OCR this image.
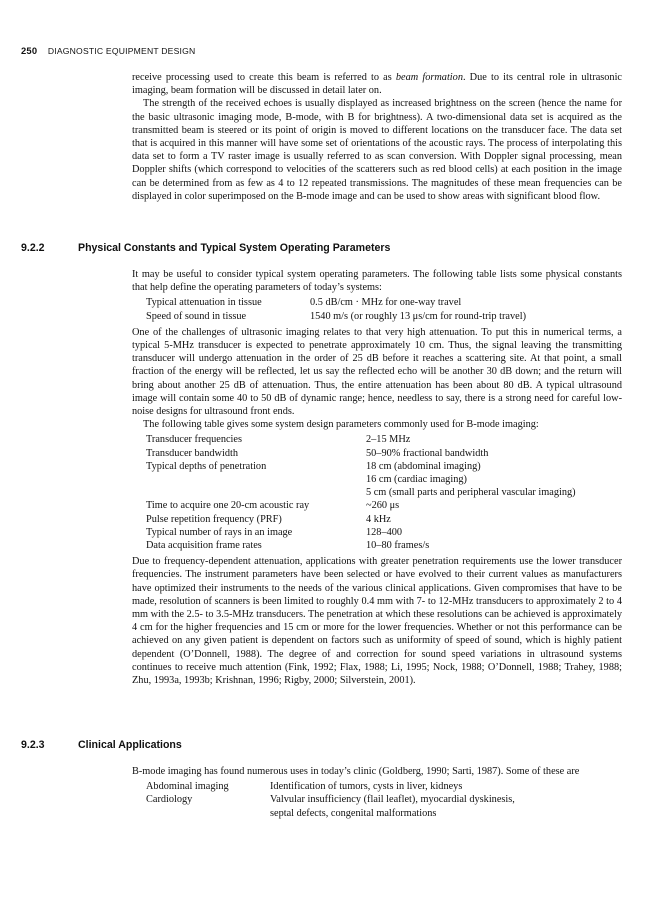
250 DIAGNOSTIC EQUIPMENT DESIGN

receive processing used to create this beam is referred to as beam formation. Due to its central role in ultrasonic imaging, beam formation will be discussed in detail later on.

The strength of the received echoes is usually displayed as increased brightness on the screen (hence the name for the basic ultrasonic imaging mode, B-mode, with B for brightness). A two-dimensional data set is acquired as the transmitted beam is steered or its point of origin is moved to different locations on the transducer face. The data set that is acquired in this manner will have some set of orientations of the acoustic rays. The process of interpolating this data set to form a TV raster image is usually referred to as scan conversion. With Doppler signal processing, mean Doppler shifts (which correspond to velocities of the scatterers such as red blood cells) at each position in the image can be determined from as few as 4 to 12 repeated transmissions. The magnitudes of these mean frequencies can be displayed in color superimposed on the B-mode image and can be used to show areas with significant blood flow.

9.2.2	Physical Constants and Typical System Operating Parameters

It may be useful to consider typical system operating parameters. The following table lists some physical constants that help define the operating parameters of today’s systems:

Typical attenuation in tissue	0.5 dB/cm · MHz for one-way travel
Speed of sound in tissue	1540 m/s (or roughly 13 μs/cm for round-trip travel)

One of the challenges of ultrasonic imaging relates to that very high attenuation. To put this in numerical terms, a typical 5-MHz transducer is expected to penetrate approximately 10 cm. Thus, the signal leaving the transmitting transducer will undergo attenuation in the order of 25 dB before it reaches a scattering site. At that point, a small fraction of the energy will be reflected, let us say the reflected echo will be another 30 dB down; and the return will bring about another 25 dB of attenuation. Thus, the entire attenuation has been about 80 dB. A typical ultrasound image will contain some 40 to 50 dB of dynamic range; hence, needless to say, there is a strong need for careful low-noise designs for ultrasound front ends.

The following table gives some system design parameters commonly used for B-mode imaging:

Transducer frequencies	2–15 MHz
Transducer bandwidth	50–90% fractional bandwidth
Typical depths of penetration	18 cm (abdominal imaging)
	16 cm (cardiac imaging)
	5 cm (small parts and peripheral vascular imaging)
Time to acquire one 20-cm acoustic ray	~260 μs
Pulse repetition frequency (PRF)	4 kHz
Typical number of rays in an image	128–400
Data acquisition frame rates	10–80 frames/s

Due to frequency-dependent attenuation, applications with greater penetration requirements use the lower transducer frequencies. The instrument parameters have been selected or have evolved to their current values as manufacturers have optimized their instruments to the needs of the various clinical applications. Given compromises that have to be made, resolution of scanners is been limited to roughly 0.4 mm with 7- to 12-MHz transducers to approximately 2 to 4 mm with the 2.5- to 3.5-MHz transducers. The penetration at which these resolutions can be achieved is approximately 4 cm for the higher frequencies and 15 cm or more for the lower frequencies. Whether or not this performance can be achieved on any given patient is dependent on factors such as uniformity of speed of sound, which is highly patient dependent (O’Donnell, 1988). The degree of and correction for sound speed variations in ultrasound systems continues to receive much attention (Fink, 1992; Flax, 1988; Li, 1995; Nock, 1988; O’Donnell, 1988; Trahey, 1988; Zhu, 1993a, 1993b; Krishnan, 1996; Rigby, 2000; Silverstein, 2001).

9.2.3	Clinical Applications

B-mode imaging has found numerous uses in today’s clinic (Goldberg, 1990; Sarti, 1987). Some of these are

Abdominal imaging	Identification of tumors, cysts in liver, kidneys
Cardiology	Valvular insufficiency (flail leaflet), myocardial dyskinesis,
	septal defects, congenital malformations
